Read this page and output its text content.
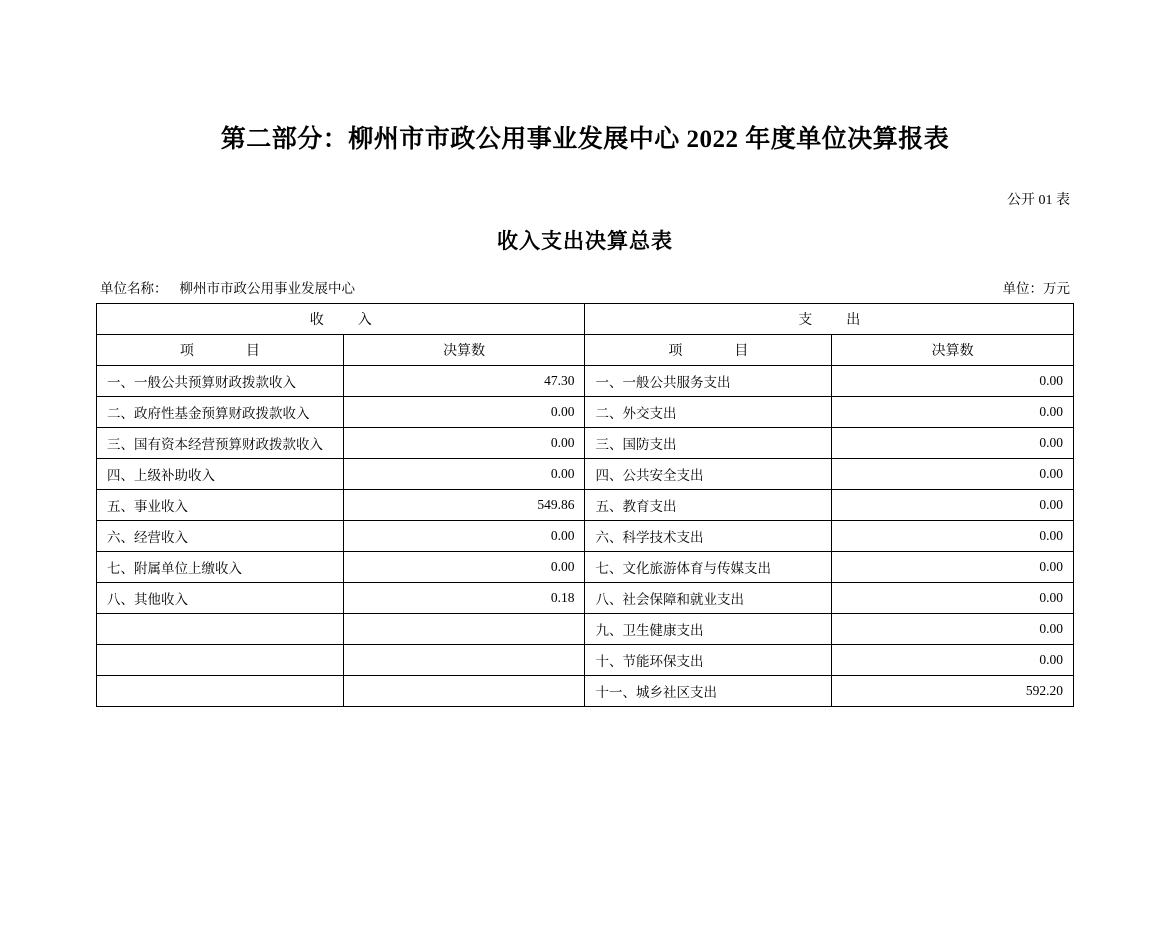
第二部分：柳州市市政公用事业发展中心 2022 年度单位决算报表
公开 01 表
收入支出决算总表
单位名称： 柳州市市政公用事业发展中心	单位：万元
收　入		支　出	
项　　目	决算数	项　　目	决算数
一、一般公共预算财政拨款收入	47.30	一、一般公共服务支出	0.00
二、政府性基金预算财政拨款收入	0.00	二、外交支出	0.00
三、国有资本经营预算财政拨款收入	0.00	三、国防支出	0.00
四、上级补助收入	0.00	四、公共安全支出	0.00
五、事业收入	549.86	五、教育支出	0.00
六、经营收入	0.00	六、科学技术支出	0.00
七、附属单位上缴收入	0.00	七、文化旅游体育与传媒支出	0.00
八、其他收入	0.18	八、社会保障和就业支出	0.00
		九、卫生健康支出	0.00
		十、节能环保支出	0.00
		十一、城乡社区支出	592.20
